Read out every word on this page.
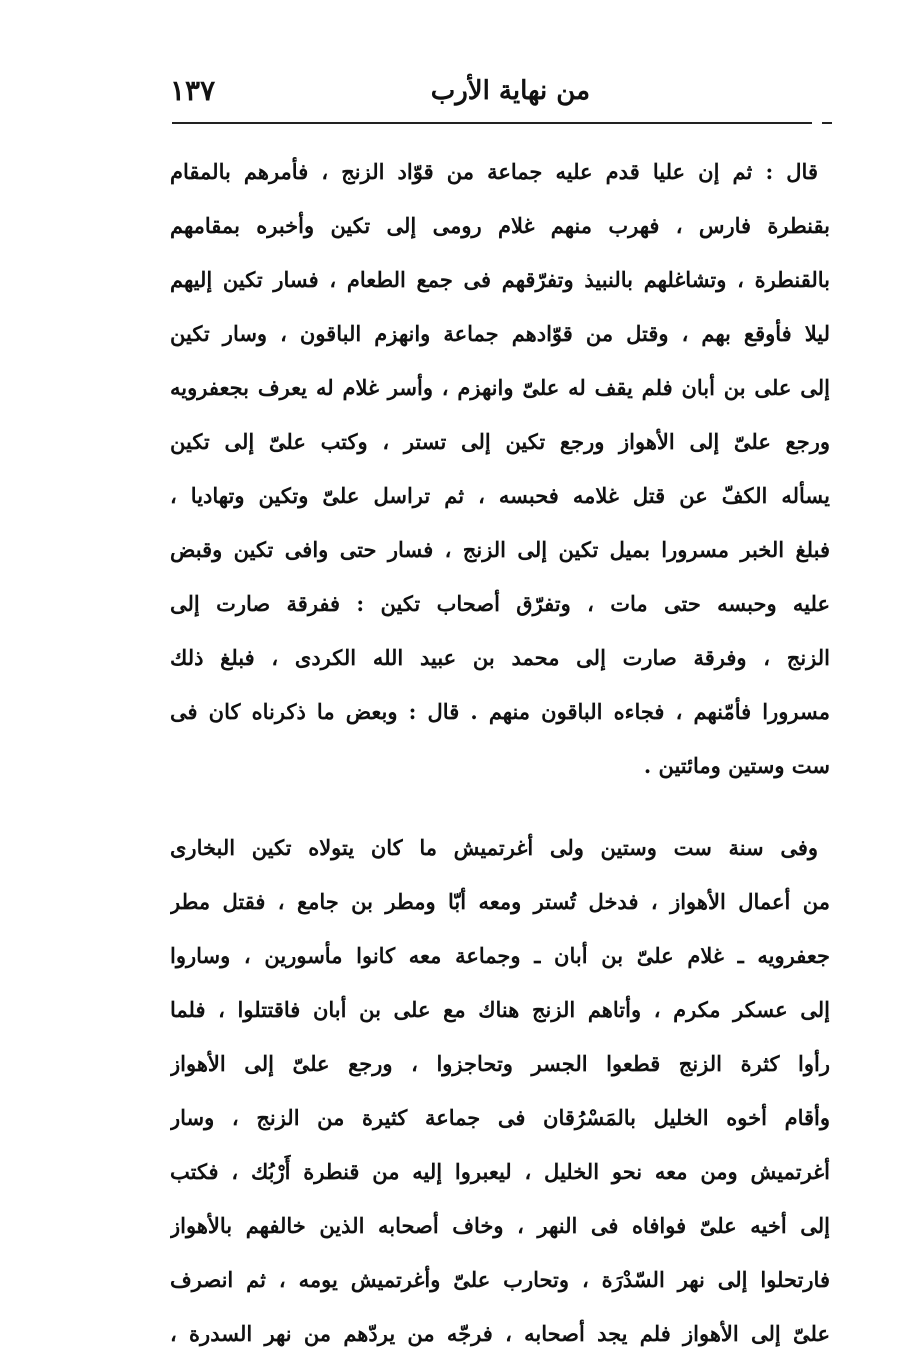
من نهاية الأرب
١٣٧
قال : ثم إن عليا قدم عليه جماعة من قوّاد الزنج ، فأمرهم بالمقام
بقنطرة فارس ، فهرب منهم غلام رومى إلى تكين وأخبره بمقامهم
بالقنطرة ، وتشاغلهم بالنبيذ وتفرّقهم فى جمع الطعام ، فسار تكين إليهم
ليلا فأوقع بهم ، وقتل من قوّادهم جماعة وانهزم الباقون ، وسار تكين
إلى على بن أبان فلم يقف له علىّ وانهزم ، وأسر غلام له يعرف بجعفرويه
ورجع علىّ إلى الأهواز ورجع تكين إلى تستر ، وكتب علىّ إلى تكين
يسأله الكفّ عن قتل غلامه فحبسه ، ثم تراسل علىّ وتكين وتهاديا ،
فبلغ الخبر مسرورا بميل تكين إلى الزنج ، فسار حتى وافى تكين وقبض
عليه وحبسه حتى مات ، وتفرّق أصحاب تكين : ففرقة صارت إلى
الزنج ، وفرقة صارت إلى محمد بن عبيد الله الكردى ، فبلغ ذلك
مسرورا فأمّنهم ، فجاءه الباقون منهم . قال : وبعض ما ذكرناه كان فى
ست وستين ومائتين .
وفى سنة ست وستين ولى أغرتميش ما كان يتولاه تكين البخارى
من أعمال الأهواز ، فدخل تُستر ومعه أبّا ومطر بن جامع ، فقتل مطر
جعفرويه ـ غلام علىّ بن أبان ـ وجماعة معه كانوا مأسورين ، وساروا
إلى عسكر مكرم ، وأتاهم الزنج هناك مع على بن أبان فاقتتلوا ، فلما
رأوا كثرة الزنج قطعوا الجسر وتحاجزوا ، ورجع علىّ إلى الأهواز
وأقام أخوه الخليل بالمَسْرُقان فى جماعة كثيرة من الزنج ، وسار
أغرتميش ومن معه نحو الخليل ، ليعبروا إليه من قنطرة أَرْبُك ، فكتب
إلى أخيه علىّ فوافاه فى النهر ، وخاف أصحابه الذين خالفهم بالأهواز
فارتحلوا إلى نهر السّدْرَة ، وتحارب علىّ وأغرتميش يومه ، ثم انصرف
علىّ إلى الأهواز فلم يجد أصحابه ، فرجّه من يردّهم من نهر السدرة ،
